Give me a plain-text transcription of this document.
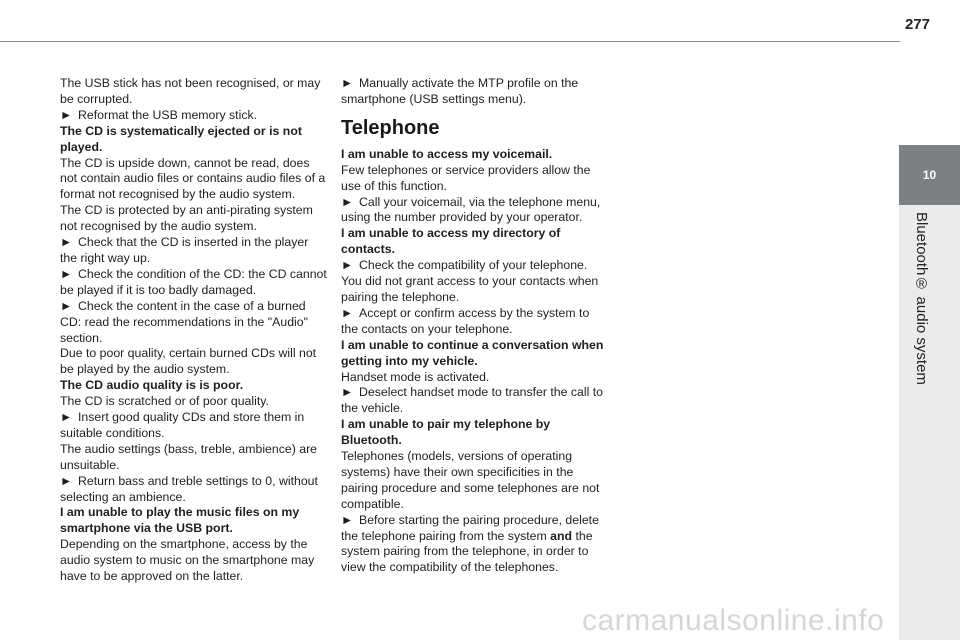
277
10
Bluetooth® audio system

The USB stick has not been recognised, or may be corrupted.

► Reformat the USB memory stick.

The CD is systematically ejected or is not played.

The CD is upside down, cannot be read, does not contain audio files or contains audio files of a format not recognised by the audio system.

The CD is protected by an anti-pirating system not recognised by the audio system.

► Check that the CD is inserted in the player the right way up.

► Check the condition of the CD: the CD cannot be played if it is too badly damaged.

► Check the content in the case of a burned CD: read the recommendations in the "Audio" section.

Due to poor quality, certain burned CDs will not be played by the audio system.

The CD audio quality is is poor.

The CD is scratched or of poor quality.

► Insert good quality CDs and store them in suitable conditions.

The audio settings (bass, treble, ambience) are unsuitable.

► Return bass and treble settings to 0, without selecting an ambience.

I am unable to play the music files on my smartphone via the USB port.

Depending on the smartphone, access by the audio system to music on the smartphone may have to be approved on the latter.

► Manually activate the MTP profile on the smartphone (USB settings menu).

Telephone

I am unable to access my voicemail.

Few telephones or service providers allow the use of this function.

► Call your voicemail, via the telephone menu, using the number provided by your operator.

I am unable to access my directory of contacts.

► Check the compatibility of your telephone.

You did not grant access to your contacts when pairing the telephone.

► Accept or confirm access by the system to the contacts on your telephone.

I am unable to continue a conversation when getting into my vehicle.

Handset mode is activated.

► Deselect handset mode to transfer the call to the vehicle.

I am unable to pair my telephone by Bluetooth.

Telephones (models, versions of operating systems) have their own specificities in the pairing procedure and some telephones are not compatible.

► Before starting the pairing procedure, delete the telephone pairing from the system and the system pairing from the telephone, in order to view the compatibility of the telephones.

carmanualsonline.info
